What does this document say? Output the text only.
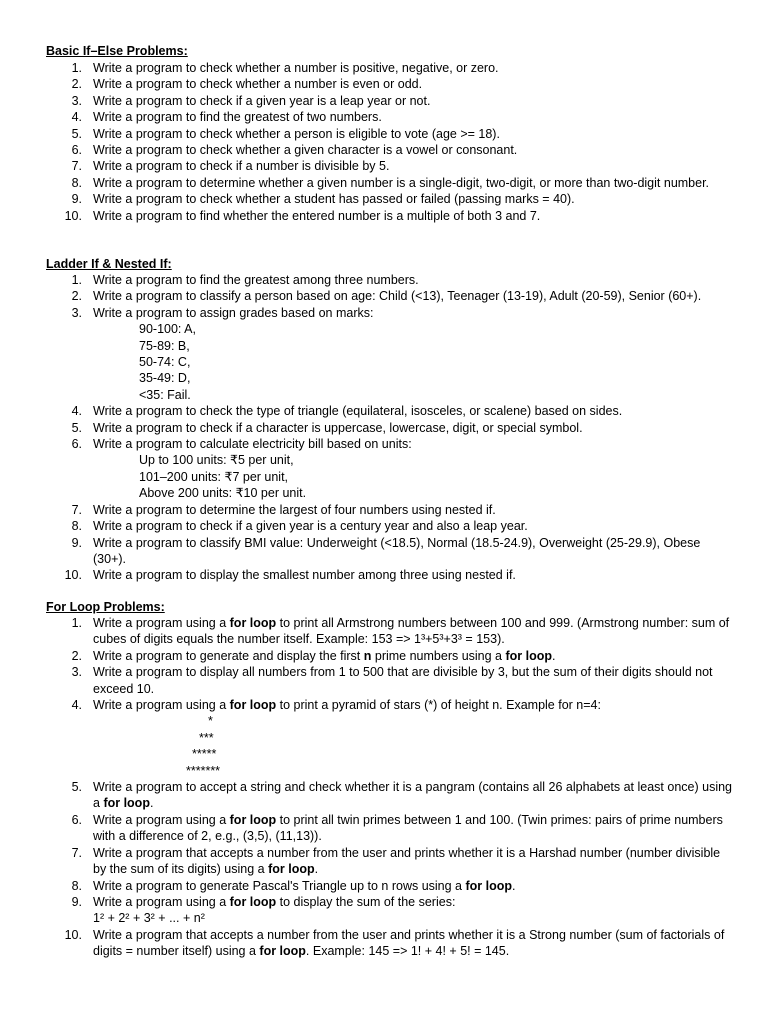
Basic If–Else Problems:
1. Write a program to check whether a number is positive, negative, or zero.
2. Write a program to check whether a number is even or odd.
3. Write a program to check if a given year is a leap year or not.
4. Write a program to find the greatest of two numbers.
5. Write a program to check whether a person is eligible to vote (age >= 18).
6. Write a program to check whether a given character is a vowel or consonant.
7. Write a program to check if a number is divisible by 5.
8. Write a program to determine whether a given number is a single-digit, two-digit, or more than two-digit number.
9. Write a program to check whether a student has passed or failed (passing marks = 40).
10. Write a program to find whether the entered number is a multiple of both 3 and 7.
Ladder If & Nested If:
1. Write a program to find the greatest among three numbers.
2. Write a program to classify a person based on age: Child (<13), Teenager (13-19), Adult (20-59), Senior (60+).
3. Write a program to assign grades based on marks:
90-100: A,
75-89: B,
50-74: C,
35-49: D,
<35: Fail.
4. Write a program to check the type of triangle (equilateral, isosceles, or scalene) based on sides.
5. Write a program to check if a character is uppercase, lowercase, digit, or special symbol.
6. Write a program to calculate electricity bill based on units:
Up to 100 units: ₹5 per unit,
101–200 units: ₹7 per unit,
Above 200 units: ₹10 per unit.
7. Write a program to determine the largest of four numbers using nested if.
8. Write a program to check if a given year is a century year and also a leap year.
9. Write a program to classify BMI value: Underweight (<18.5), Normal (18.5-24.9), Overweight (25-29.9), Obese (30+).
10. Write a program to display the smallest number among three using nested if.
For Loop Problems:
1. Write a program using a for loop to print all Armstrong numbers between 100 and 999. (Armstrong number: sum of cubes of digits equals the number itself. Example: 153 => 1³+5³+3³ = 153).
2. Write a program to generate and display the first n prime numbers using a for loop.
3. Write a program to display all numbers from 1 to 500 that are divisible by 3, but the sum of their digits should not exceed 10.
4. Write a program using a for loop to print a pyramid of stars (*) of height n. Example for n=4:
*
***
*****
*******
5. Write a program to accept a string and check whether it is a pangram (contains all 26 alphabets at least once) using a for loop.
6. Write a program using a for loop to print all twin primes between 1 and 100. (Twin primes: pairs of prime numbers with a difference of 2, e.g., (3,5), (11,13)).
7. Write a program that accepts a number from the user and prints whether it is a Harshad number (number divisible by the sum of its digits) using a for loop.
8. Write a program to generate Pascal's Triangle up to n rows using a for loop.
9. Write a program using a for loop to display the sum of the series:
1² + 2² + 3² + ... + n²
10. Write a program that accepts a number from the user and prints whether it is a Strong number (sum of factorials of digits = number itself) using a for loop. Example: 145 => 1! + 4! + 5! = 145.
